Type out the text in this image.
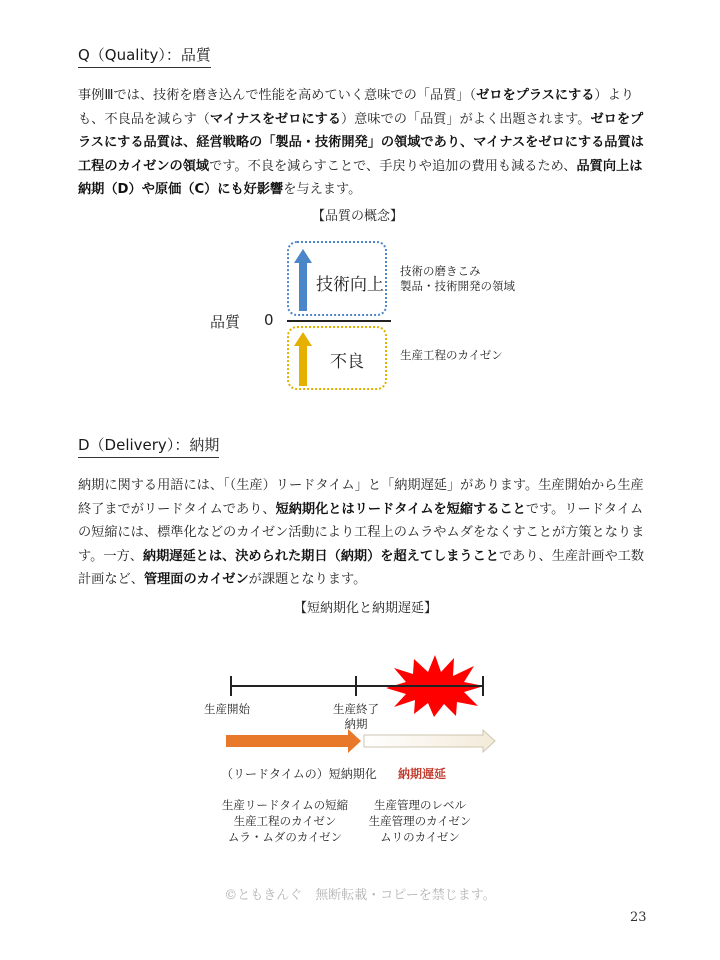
Q（Quality）：品質

事例Ⅲでは、技術を磨き込んで性能を高めていく意味での「品質」（ゼロをプラスにする）よりも、不良品を減らす（マイナスをゼロにする）意味での「品質」がよく出題されます。ゼロをプラスにする品質は、経営戦略の「製品・技術開発」の領域であり、マイナスをゼロにする品質は工程のカイゼンの領域です。不良を減らすことで、手戻りや追加の費用も減るため、品質向上は納期（D）や原価（C）にも好影響を与えます。

【品質の概念】
品質 0
技術向上
技術の磨きこみ
製品・技術開発の領域
不良	生産工程のカイゼン
D（Delivery）：納期

納期に関する用語には、「（生産）リードタイム」と「納期遅延」があります。生産開始から生産終了までがリードタイムであり、短納期化とはリードタイムを短縮することです。リードタイムの短縮には、標準化などのカイゼン活動により工程上のムラやムダをなくすことが方策となります。一方、納期遅延とは、決められた期日（納期）を超えてしまうことであり、生産計画や工数計画など、管理面のカイゼンが課題となります。

【短納期化と納期遅延】
生産開始	生産終了
納期
（リードタイムの）短納期化 納期遅延
生産リードタイムの短縮
生産工程のカイゼン
ムラ・ムダのカイゼン
生産管理のレベル
生産管理のカイゼン
ムリのカイゼン
©ともきんぐ　無断転載・コピーを禁じます。
23
